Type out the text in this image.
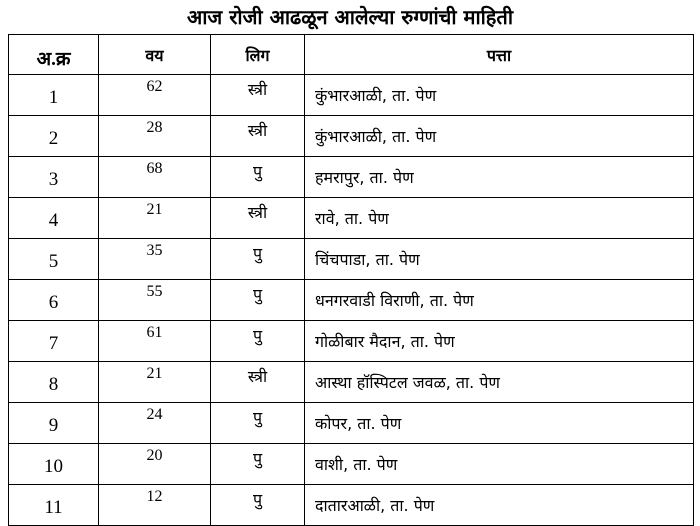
आज रोजी आढळून आलेल्या रुग्णांची माहिती
अ.क्र	वय	लिग	पत्ता
1	62	स्त्री	कुंभारआळी, ता. पेण
2	28	स्त्री	कुंभारआळी, ता. पेण
3	68	पु	हमरापुर, ता. पेण
4	21	स्त्री	रावे, ता. पेण
5	35	पु	चिंचपाडा, ता. पेण
6	55	पु	धनगरवाडी विराणी, ता. पेण
7	61	पु	गोळीबार मैदान, ता. पेण
8	21	स्त्री	आस्था हॉस्पिटल जवळ, ता. पेण
9	24	पु	कोपर, ता. पेण
10	20	पु	वाशी, ता. पेण
11	12	पु	दातारआळी, ता. पेण
